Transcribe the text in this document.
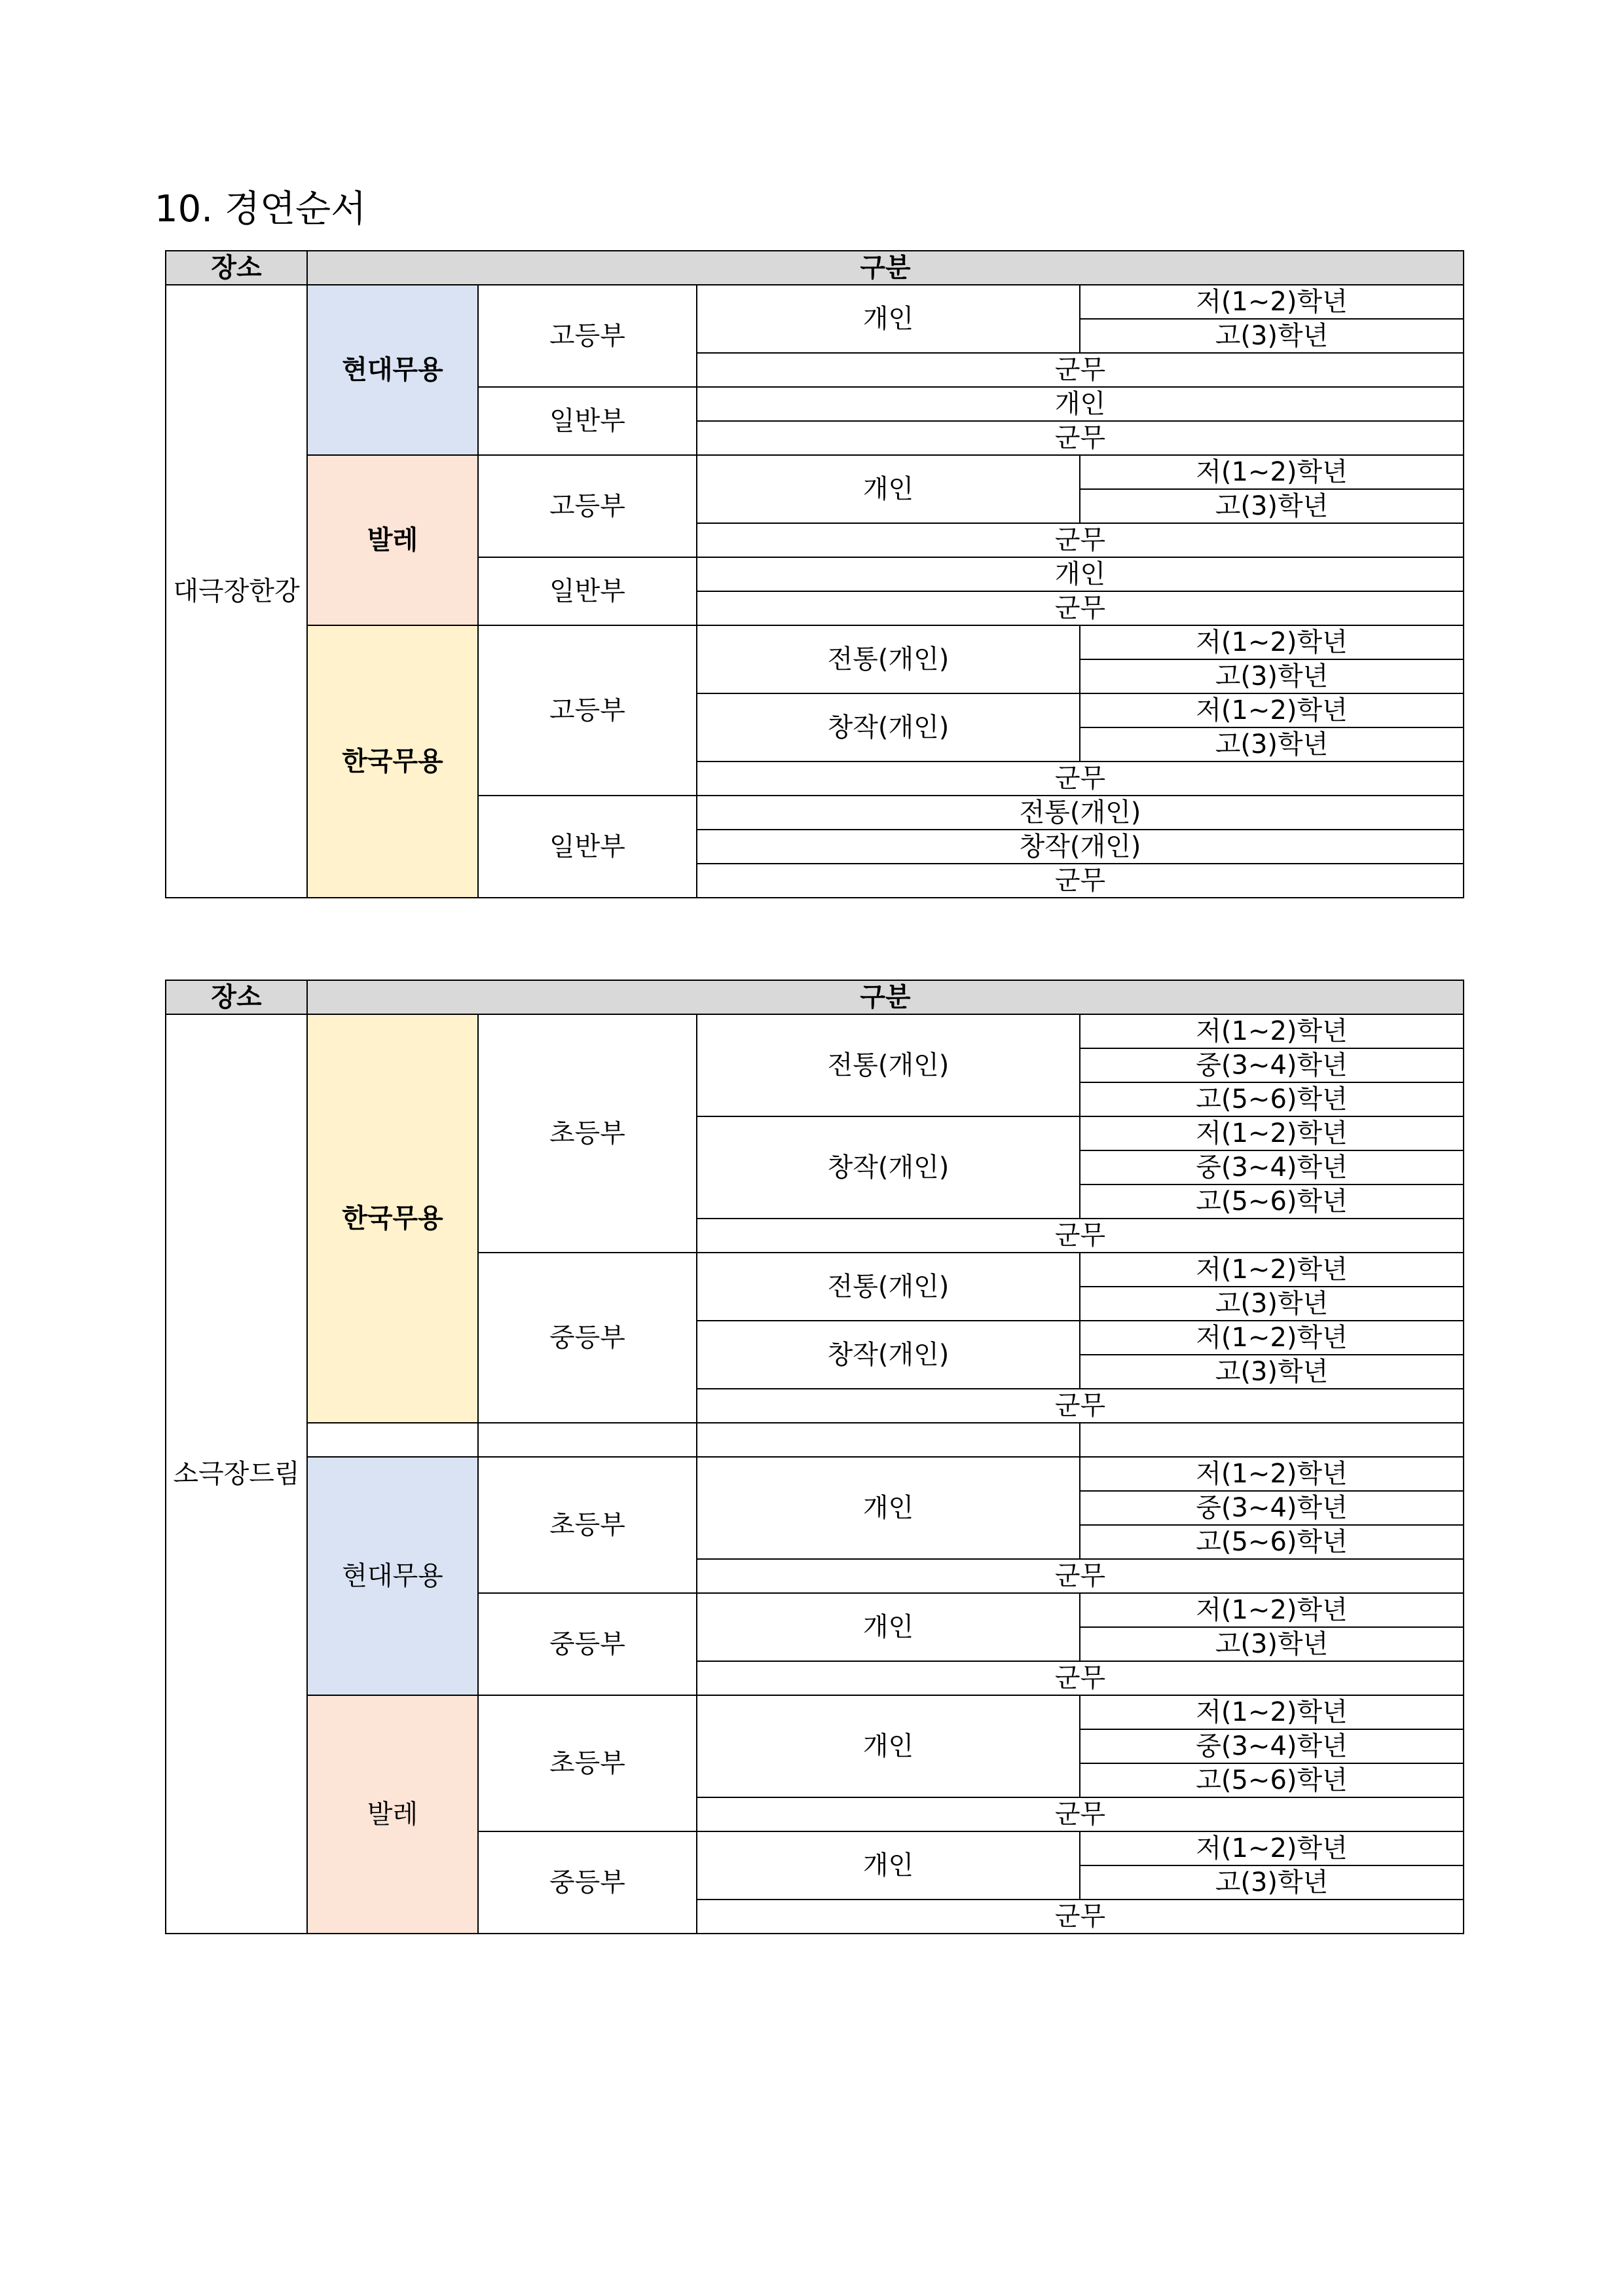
10. 경연순서
장소	구분			
대극장한강	현대무용	고등부	개인	저(1~2)학년
				고(3)학년
			군무	
		일반부	개인	
			군무	
	발레	고등부	개인	저(1~2)학년
				고(3)학년
			군무	
		일반부	개인	
			군무	
	한국무용	고등부	전통(개인)	저(1~2)학년
				고(3)학년
			창작(개인)	저(1~2)학년
				고(3)학년
			군무	
		일반부	전통(개인)	
			창작(개인)	
			군무	
장소	구분			
소극장드림	한국무용	초등부	전통(개인)	저(1~2)학년
				중(3~4)학년
				고(5~6)학년
			창작(개인)	저(1~2)학년
				중(3~4)학년
				고(5~6)학년
			군무	
		중등부	전통(개인)	저(1~2)학년
				고(3)학년
			창작(개인)	저(1~2)학년
				고(3)학년
			군무	

	현대무용	초등부	개인	저(1~2)학년
				중(3~4)학년
				고(5~6)학년
			군무	
		중등부	개인	저(1~2)학년
				고(3)학년
			군무	
	발레	초등부	개인	저(1~2)학년
				중(3~4)학년
				고(5~6)학년
			군무	
		중등부	개인	저(1~2)학년
				고(3)학년
			군무	
